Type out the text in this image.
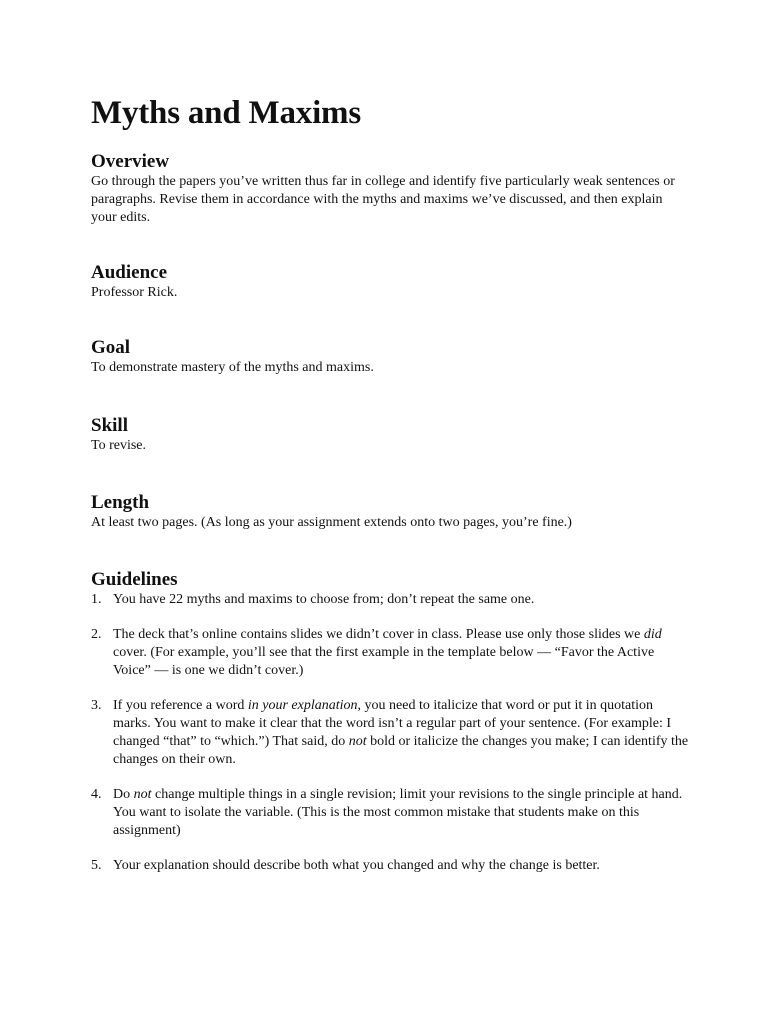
Myths and Maxims
Overview

Go through the papers you’ve written thus far in college and identify five particularly weak sentences or paragraphs. Revise them in accordance with the myths and maxims we’ve discussed, and then explain your edits.

Audience

Professor Rick.

Goal

To demonstrate mastery of the myths and maxims.

Skill

To revise.

Length

At least two pages. (As long as your assignment extends onto two pages, you’re fine.)

Guidelines
1. You have 22 myths and maxims to choose from; don’t repeat the same one.
2. The deck that’s online contains slides we didn’t cover in class. Please use only those slides we did cover. (For example, you’ll see that the first example in the template below — “Favor the Active Voice” — is one we didn’t cover.)
3. If you reference a word in your explanation, you need to italicize that word or put it in quotation marks. You want to make it clear that the word isn’t a regular part of your sentence. (For example: I changed “that” to “which.”) That said, do not bold or italicize the changes you make; I can identify the changes on their own.
4. Do not change multiple things in a single revision; limit your revisions to the single principle at hand. You want to isolate the variable. (This is the most common mistake that students make on this assignment)
5. Your explanation should describe both what you changed and why the change is better.
